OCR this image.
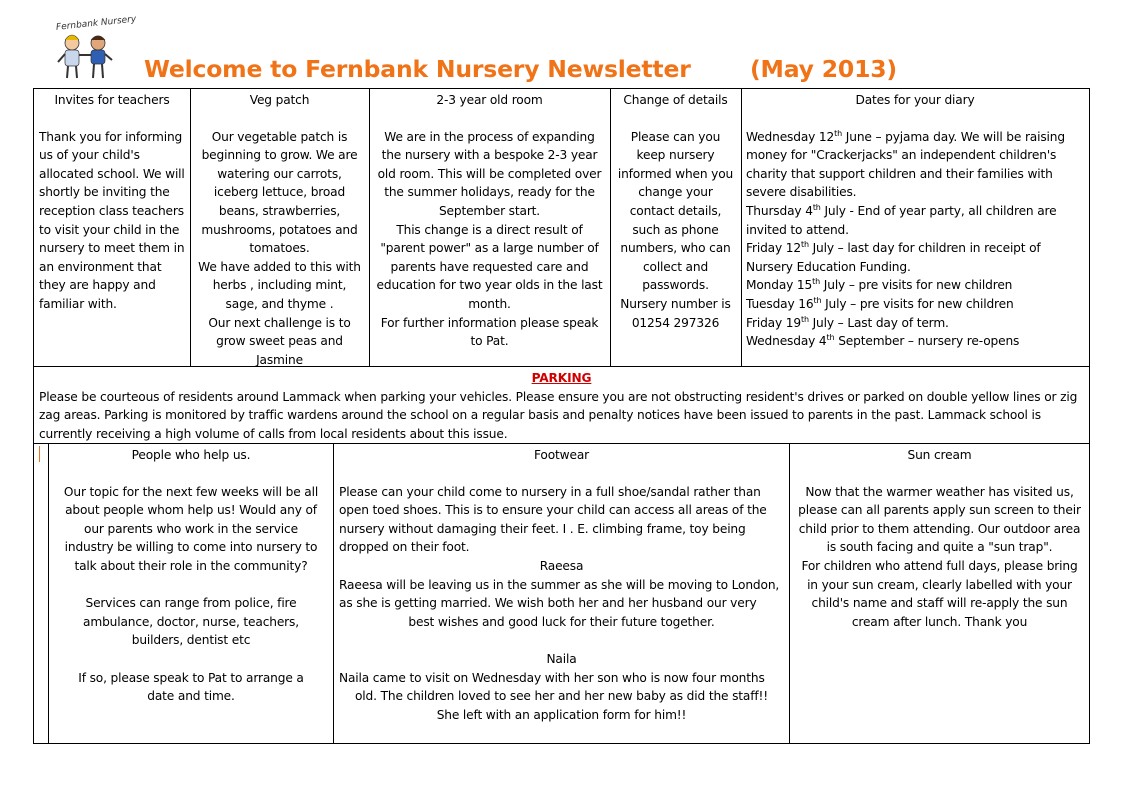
Fernbank Nursery
Welcome to Fernbank Nursery Newsletter	(May 2013)
Invites for teachers
Thank you for informing us of your child's allocated school. We will shortly be inviting the reception class teachers to visit your child in the nursery to meet them in an environment that they are happy and familiar with.
Veg patch
Our vegetable patch is beginning to grow. We are watering our carrots, iceberg lettuce, broad beans, strawberries, mushrooms, potatoes and tomatoes.
We have added to this with herbs , including mint, sage, and thyme .
Our next challenge is to grow sweet peas and Jasmine
2-3 year old room
We are in the process of expanding the nursery with a bespoke 2-3 year old room. This will be completed over the summer holidays, ready for the September start.
This change is a direct result of "parent power" as a large number of parents have requested care and education for two year olds in the last month.
For further information please speak to Pat.
Change of details
Please can you keep nursery informed when you change your contact details, such as phone numbers, who can collect and passwords.
Nursery number is 01254 297326
Dates for your diary
Wednesday 12th June – pyjama day. We will be raising money for "Crackerjacks" an independent children's charity that support children and their families with severe disabilities.
Thursday 4th July - End of year party, all children are invited to attend.
Friday 12th July – last day for children in receipt of Nursery Education Funding.
Monday 15th July – pre visits for new children
Tuesday 16th July – pre visits for new children
Friday 19th July – Last day of term.
Wednesday 4th September – nursery re-opens
PARKING
Please be courteous of residents around Lammack when parking your vehicles. Please ensure you are not obstructing resident's drives or parked on double yellow lines or zig zag areas. Parking is monitored by traffic wardens around the school on a regular basis and penalty notices have been issued to parents in the past. Lammack school is currently receiving a high volume of calls from local residents about this issue.
People who help us.
Our topic for the next few weeks will be all about people whom help us! Would any of our parents who work in the service industry be willing to come into nursery to talk about their role in the community?
Services can range from police, fire ambulance, doctor, nurse, teachers, builders, dentist etc
If so, please speak to Pat to arrange a date and time.
Footwear
Please can your child come to nursery in a full shoe/sandal rather than open toed shoes. This is to ensure your child can access all areas of the nursery without damaging their feet. I . E. climbing frame, toy being dropped on their foot.
Raeesa
Raeesa will be leaving us in the summer as she will be moving to London, as she is getting married. We wish both her and her husband our very
best wishes and good luck for their future together.
Naila
Naila came to visit on Wednesday with her son who is now four months
old. The children loved to see her and her new baby as did the staff!!
She left with an application form for him!!
Sun cream
Now that the warmer weather has visited us, please can all parents apply sun screen to their child prior to them attending. Our outdoor area is south facing and quite a "sun trap".
For children who attend full days, please bring in your sun cream, clearly labelled with your child's name and staff will re-apply the sun cream after lunch. Thank you
